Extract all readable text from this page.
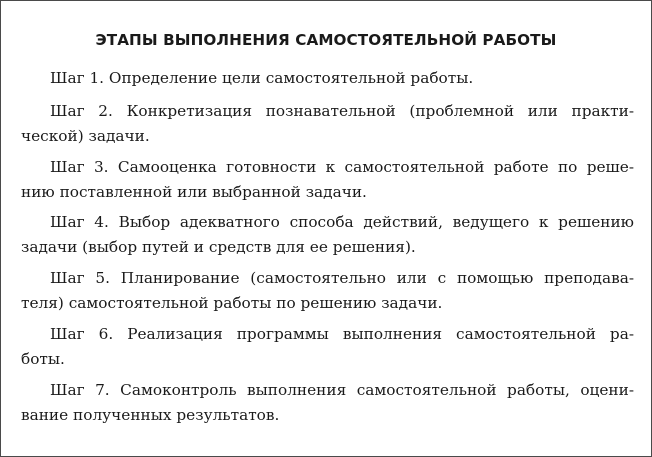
ЭТАПЫ ВЫПОЛНЕНИЯ САМОСТОЯТЕЛЬНОЙ РАБОТЫ
Шаг 1. Определение цели самостоятельной работы.
Шаг 2. Конкретизация познавательной (проблемной или практи-
ческой) задачи.
Шаг 3. Самооценка готовности к самостоятельной работе по реше-
нию поставленной или выбранной задачи.
Шаг 4. Выбор адекватного способа действий, ведущего к решению
задачи (выбор путей и средств для ее решения).
Шаг 5. Планирование (самостоятельно или с помощью преподава-
теля) самостоятельной работы по решению задачи.
Шаг 6. Реализация программы выполнения самостоятельной ра-
боты.
Шаг 7. Самоконтроль выполнения самостоятельной работы, оцени-
вание полученных результатов.
